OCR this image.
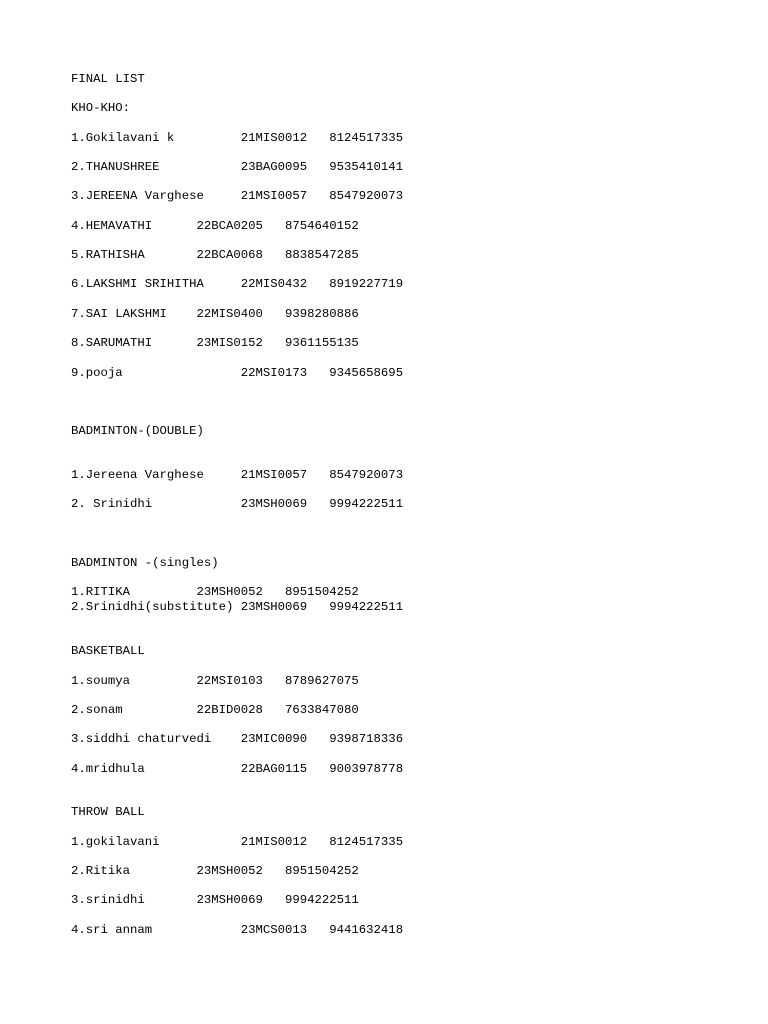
FINAL LIST

KHO-KHO:

1.Gokilavani k         21MIS0012   8124517335

2.THANUSHREE           23BAG0095   9535410141

3.JEREENA Varghese     21MSI0057   8547920073

4.HEMAVATHI      22BCA0205   8754640152

5.RATHISHA       22BCA0068   8838547285

6.LAKSHMI SRIHITHA     22MIS0432   8919227719

7.SAI LAKSHMI    22MIS0400   9398280886

8.SARUMATHI      23MIS0152   9361155135

9.pooja                22MSI0173   9345658695

BADMINTON-(DOUBLE)

1.Jereena Varghese     21MSI0057   8547920073

2. Srinidhi            23MSH0069   9994222511

BADMINTON -(singles)

1.RITIKA         23MSH0052   8951504252

2.Srinidhi(substitute) 23MSH0069   9994222511

BASKETBALL

1.soumya         22MSI0103   8789627075

2.sonam          22BID0028   7633847080

3.siddhi chaturvedi    23MIC0090   9398718336

4.mridhula             22BAG0115   9003978778

THROW BALL

1.gokilavani           21MIS0012   8124517335

2.Ritika         23MSH0052   8951504252

3.srinidhi       23MSH0069   9994222511

4.sri annam            23MCS0013   9441632418
